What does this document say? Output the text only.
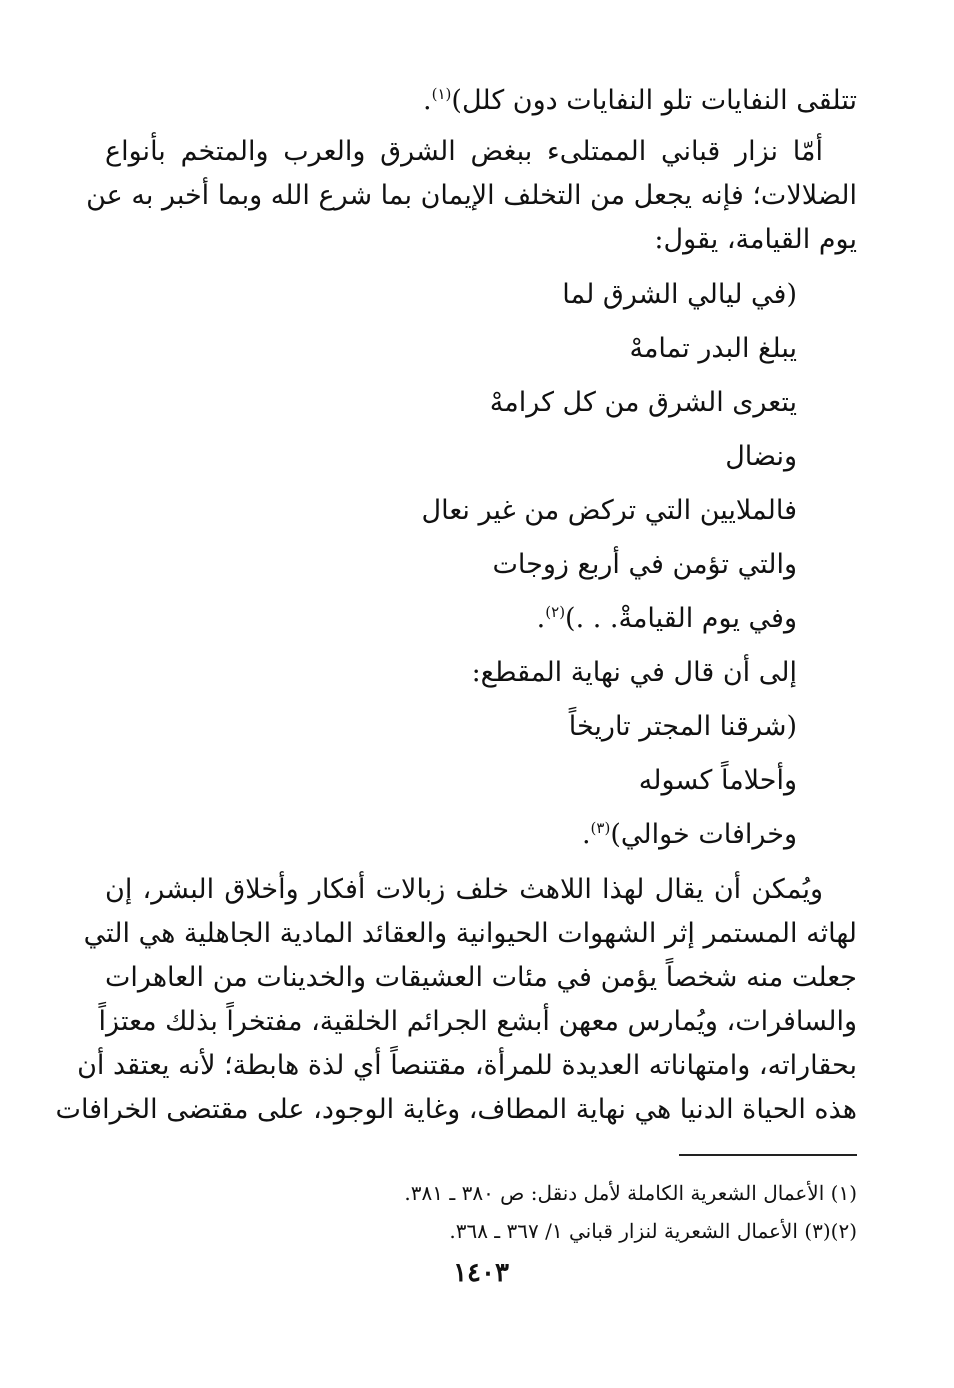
تتلقى النفايات تلو النفايات دون كلل)$^{(١)}$.
أمّا نزار قباني الممتلىء ببغض الشرق والعرب والمتخم بأنواع
الضلالات؛ فإنه يجعل من التخلف الإيمان بما شرع الله وبما أخبر به عن
يوم القيامة، يقول:
(في ليالي الشرق لما
يبلغ البدر تمامهْ
يتعرى الشرق من كل كرامهْ
ونضال
فالملايين التي تركض من غير نعال
والتي تؤمن في أربع زوجات
وفي يوم القيامةْ. . .)$^{(٢)}$.
إلى أن قال في نهاية المقطع:
(شرقنا المجتر تاريخاً
وأحلاماً كسوله
وخرافات خوالي)$^{(٣)}$.
ويُمكن أن يقال لهذا اللاهث خلف زبالات أفكار وأخلاق البشر، إن
لهاثه المستمر إثر الشهوات الحيوانية والعقائد المادية الجاهلية هي التي
جعلت منه شخصاً يؤمن في مئات العشيقات والخدينات من العاهرات
والسافرات، ويُمارس معهن أبشع الجرائم الخلقية، مفتخراً بذلك معتزاً
بحقاراته، وامتهاناته العديدة للمرأة، مقتنصاً أي لذة هابطة؛ لأنه يعتقد أن
هذه الحياة الدنيا هي نهاية المطاف، وغاية الوجود، على مقتضى الخرافات
(١) الأعمال الشعرية الكاملة لأمل دنقل: ص ٣٨٠ ـ ٣٨١.
(٢)(٣) الأعمال الشعرية لنزار قباني ١/ ٣٦٧ ـ ٣٦٨.
١٤٠٣
